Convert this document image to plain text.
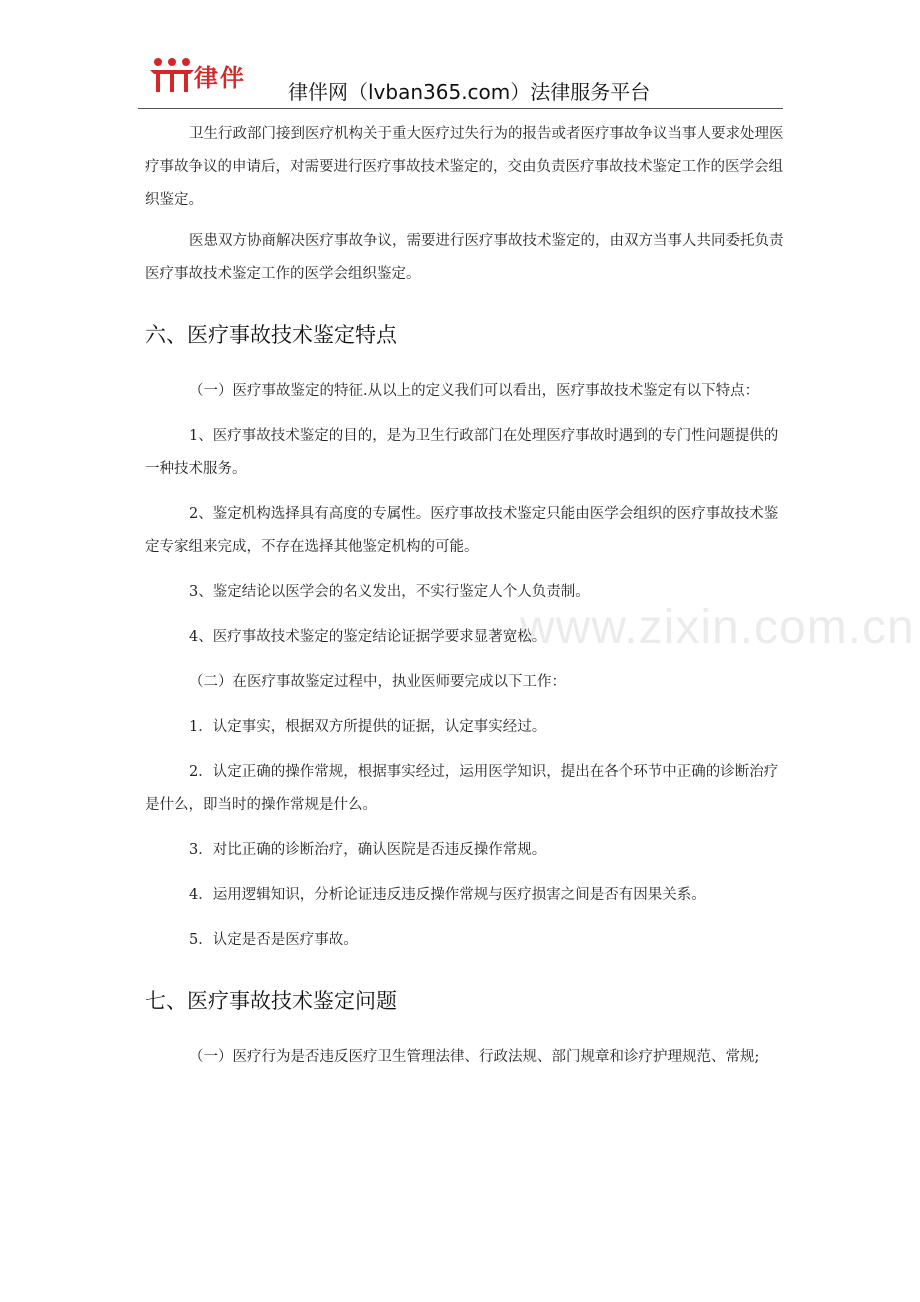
律伴 律伴网（lvban365.com）法律服务平台
www.zixin.com.cn

卫生行政部门接到医疗机构关于重大医疗过失行为的报告或者医疗事故争议当事人要求处理医疗事故争议的申请后，对需要进行医疗事故技术鉴定的，交由负责医疗事故技术鉴定工作的医学会组织鉴定。

医患双方协商解决医疗事故争议，需要进行医疗事故技术鉴定的，由双方当事人共同委托负责医疗事故技术鉴定工作的医学会组织鉴定。

六、医疗事故技术鉴定特点

（一）医疗事故鉴定的特征.从以上的定义我们可以看出，医疗事故技术鉴定有以下特点：

1、医疗事故技术鉴定的目的，是为卫生行政部门在处理医疗事故时遇到的专门性问题提供的一种技术服务。

2、鉴定机构选择具有高度的专属性。医疗事故技术鉴定只能由医学会组织的医疗事故技术鉴定专家组来完成，不存在选择其他鉴定机构的可能。

3、鉴定结论以医学会的名义发出，不实行鉴定人个人负责制。

4、医疗事故技术鉴定的鉴定结论证据学要求显著宽松。

（二）在医疗事故鉴定过程中，执业医师要完成以下工作：

1．认定事实，根据双方所提供的证据，认定事实经过。

2．认定正确的操作常规，根据事实经过，运用医学知识，提出在各个环节中正确的诊断治疗是什么，即当时的操作常规是什么。

3．对比正确的诊断治疗，确认医院是否违反操作常规。

4．运用逻辑知识，分析论证违反违反操作常规与医疗损害之间是否有因果关系。

5．认定是否是医疗事故。

七、医疗事故技术鉴定问题

（一）医疗行为是否违反医疗卫生管理法律、行政法规、部门规章和诊疗护理规范、常规;
